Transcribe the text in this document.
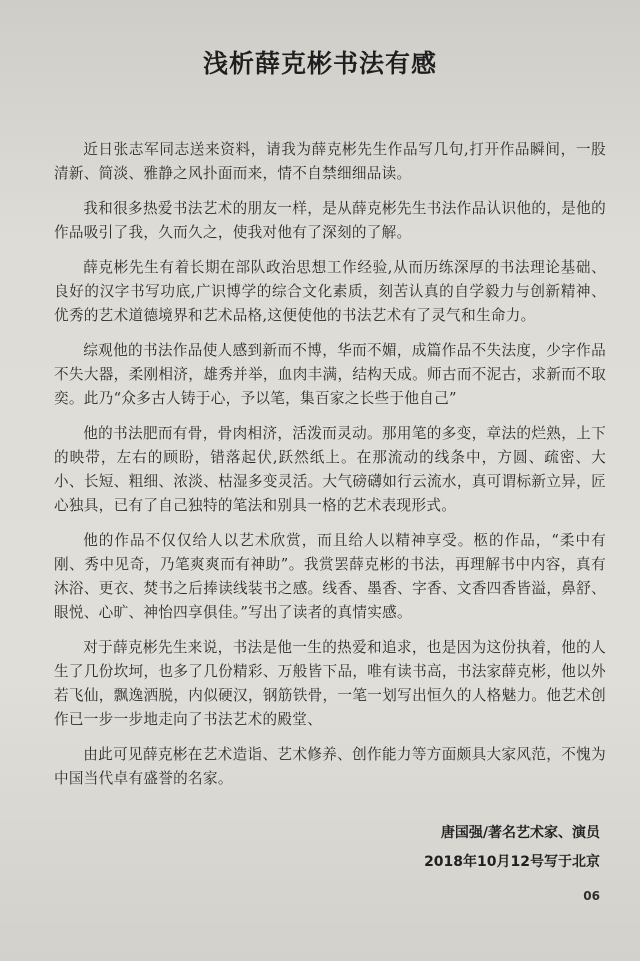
浅析薛克彬书法有感

近日张志军同志送来资料，请我为薛克彬先生作品写几句,打开作品瞬间，一股清新、简淡、雅静之风扑面而来，情不自禁细细品读。

我和很多热爱书法艺术的朋友一样，是从薛克彬先生书法作品认识他的，是他的作品吸引了我，久而久之，使我对他有了深刻的了解。

薛克彬先生有着长期在部队政治思想工作经验,从而历练深厚的书法理论基础、良好的汉字书写功底,广识博学的综合文化素质，刻苦认真的自学毅力与创新精神、优秀的艺术道德境界和艺术品格,这便使他的书法艺术有了灵气和生命力。

综观他的书法作品使人感到新而不博，华而不媚，成篇作品不失法度，少字作品不失大器，柔刚相济，雄秀并举，血肉丰满，结构天成。师古而不泥古，求新而不取奕。此乃“众多古人铸于心，予以笔，集百家之长些于他自己”

他的书法肥而有骨，骨肉相济，活泼而灵动。那用笔的多变，章法的烂熟，上下的映带，左右的顾盼，错落起伏,跃然纸上。在那流动的线条中，方圆、疏密、大小、长短、粗细、浓淡、枯湿多变灵活。大气磅礴如行云流水，真可谓标新立异，匠心独具，已有了自己独特的笔法和别具一格的艺术表现形式。

他的作品不仅仅给人以艺术欣赏，而且给人以精神享受。柩的作品，“柔中有刚、秀中见奇，乃笔爽爽而有神助”。我赏罢薛克彬的书法，再理解书中内容，真有沐浴、更衣、焚书之后捧读线装书之感。线香、墨香、字香、文香四香皆溢，鼻舒、眼悦、心旷、神怡四享俱佳。”写出了读者的真情实感。

对于薛克彬先生来说，书法是他一生的热爱和追求，也是因为这份执着，他的人生了几份坎坷，也多了几份精彩、万般皆下品，唯有读书高，书法家薛克彬，他以外若飞仙，飘逸洒脱，内似硬汉，钢筋铁骨，一笔一划写出恒久的人格魅力。他艺术创作已一步一步地走向了书法艺术的殿堂、

由此可见薛克彬在艺术造诣、艺术修养、创作能力等方面颇具大家风范，不愧为中国当代卓有盛誉的名家。

唐国强/著名艺术家、演员
2018年10月12号写于北京
06
